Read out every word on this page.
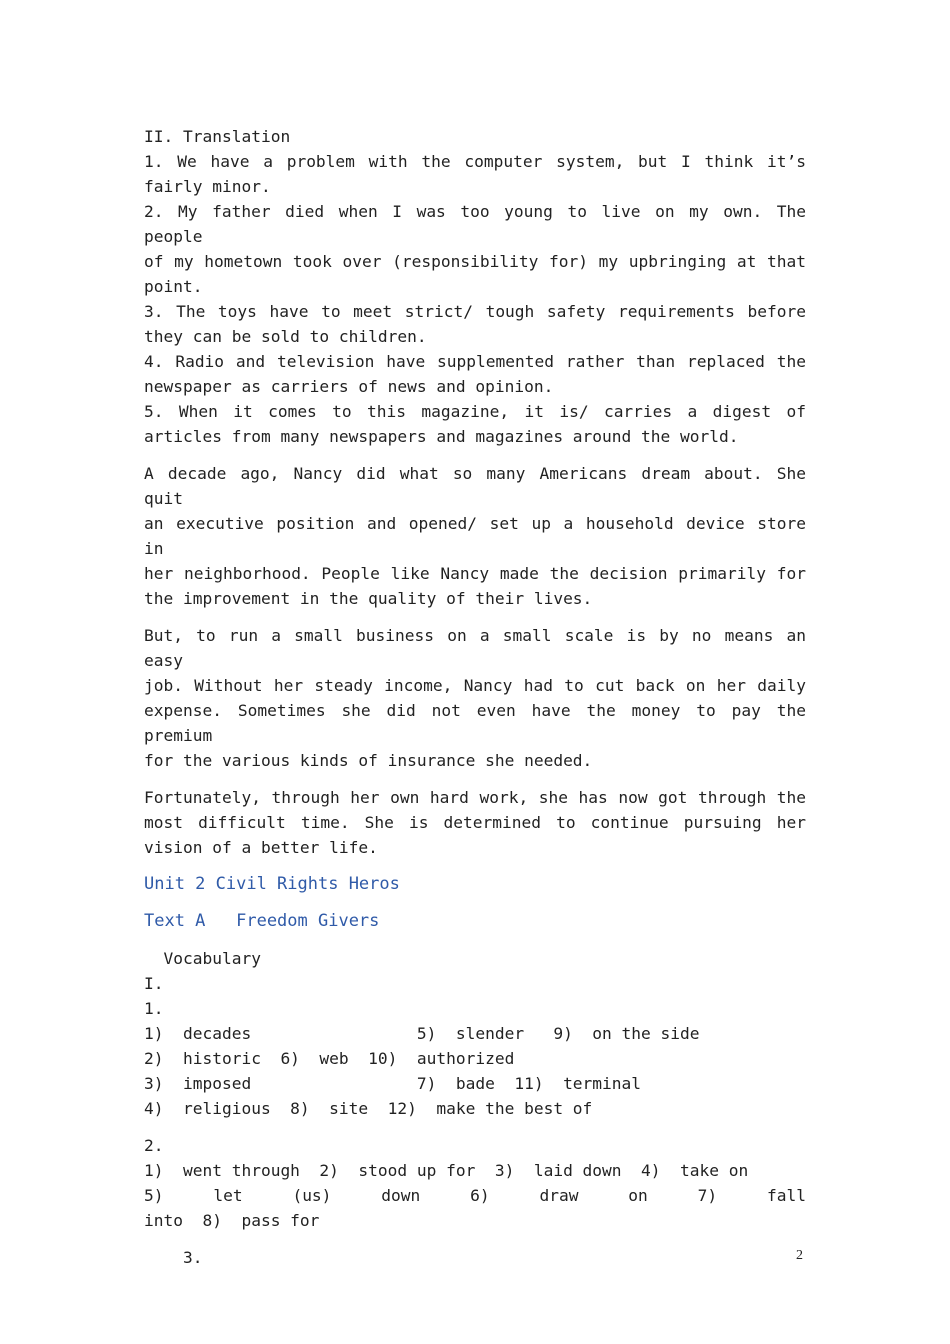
II. Translation
1. We have a problem with the computer system, but I think it’s
fairly minor.
2. My father died when I was too young to live on my own. The people
of my hometown took over (responsibility for) my upbringing at that
point.
3. The toys have to meet strict/ tough safety requirements before
they can be sold to children.
4. Radio and television have supplemented rather than replaced the
newspaper as carriers of news and opinion.
5. When it comes to this magazine, it is/ carries a digest of
articles from many newspapers and magazines around the world.
A decade ago, Nancy did what so many Americans dream about. She quit
an executive position and opened/ set up a household device store in
her neighborhood. People like Nancy made the decision primarily for
the improvement in the quality of their lives.
But, to run a small business on a small scale is by no means an easy
job. Without her steady income, Nancy had to cut back on her daily
expense. Sometimes she did not even have the money to pay the premium
for the various kinds of insurance she needed.
Fortunately, through her own hard work, she has now got through the
most difficult time. She is determined to continue pursuing her
vision of a better life.
Unit 2 Civil Rights Heros
Text A   Freedom Givers
Vocabulary
I.
1.
1)  decades                 5)  slender   9)  on the side
2)  historic  6)  web  10)  authorized
3)  imposed                 7)  bade  11)  terminal
4)  religious  8)  site  12)  make the best of
2.
1)  went through  2)  stood up for  3)  laid down  4)  take on
5) let (us) down 6) draw on 7) fall
into  8)  pass for
3.	2
